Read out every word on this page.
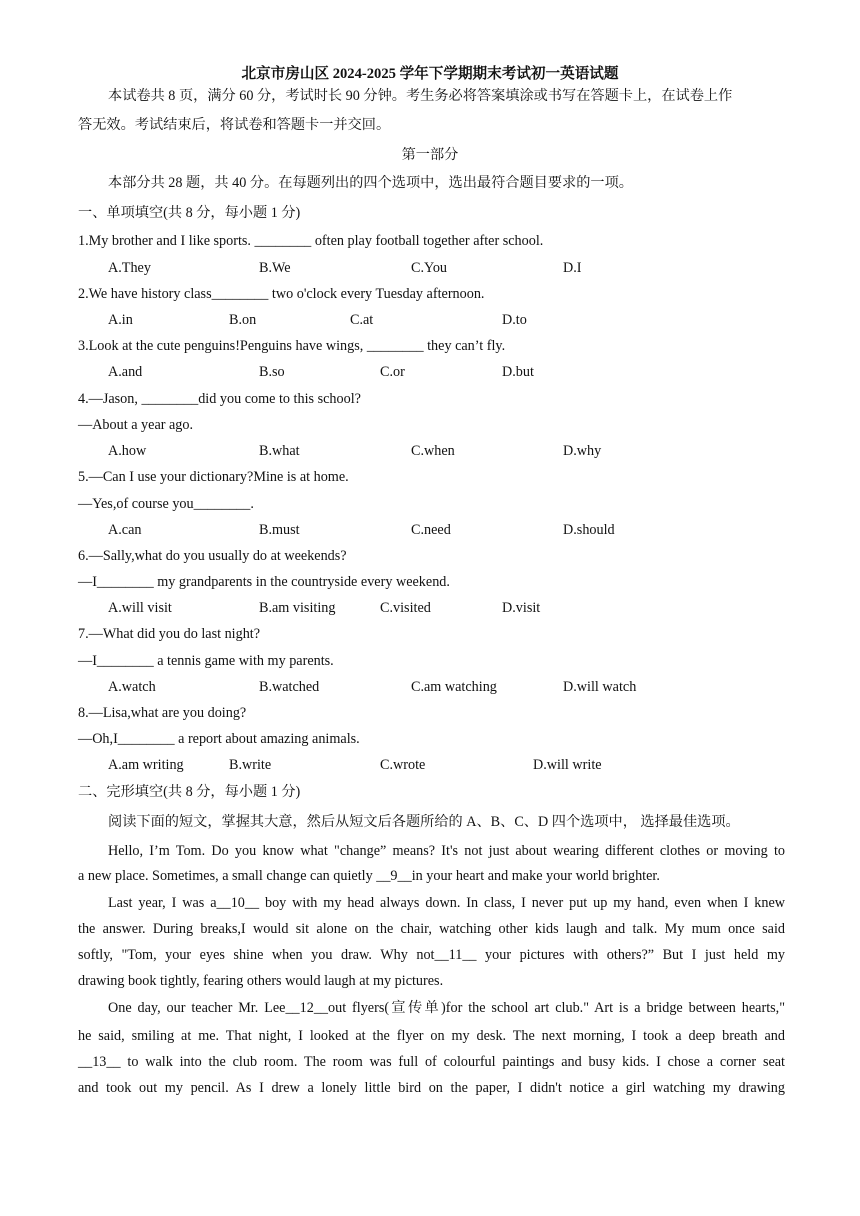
北京市房山区 2024-2025 学年下学期期末考试初一英语试题
本试卷共 8 页，满分 60 分，考试时长 90 分钟。考生务必将答案填涂或书写在答题卡上，在试卷上作
答无效。考试结束后，将试卷和答题卡一并交回。
第一部分
本部分共 28 题，共 40 分。在每题列出的四个选项中，选出最符合题目要求的一项。
一、单项填空(共 8 分，每小题 1 分)
1.My brother and I like sports. ________ often play football together after school.
A.They	B.We	C.You	D.I
2.We have history class________ two o'clock every Tuesday afternoon.
A.in	B.on	C.at	D.to
3.Look at the cute penguins!Penguins have wings, ________ they can’t fly.
A.and	B.so	C.or	D.but
4.—Jason, ________did you come to this school?
—About a year ago.
A.how	B.what	C.when	D.why
5.—Can I use your dictionary?Mine is at home.
—Yes,of course you________.
A.can	B.must	C.need	D.should
6.—Sally,what do you usually do at weekends?
—I________ my grandparents in the countryside every weekend.
A.will visit	B.am visiting	C.visited	D.visit
7.—What did you do last night?
—I________ a tennis game with my parents.
A.watch	B.watched	C.am watching	D.will watch
8.—Lisa,what are you doing?
—Oh,I________ a report about amazing animals.
A.am writing	B.write	C.wrote	D.will write
二、完形填空(共 8 分，每小题 1 分)
阅读下面的短文，掌握其大意，然后从短文后各题所给的 A、B、C、D 四个选项中， 选择最佳选项。
Hello, I’m Tom. Do you know what "change” means? It's not just about wearing different clothes or moving to
a new place. Sometimes, a small change can quietly __9__in your heart and make your world brighter.
Last year, I was a__10__ boy with my head always down. In class, I never put up my hand, even when I knew
the answer. During breaks,I would sit alone on the chair, watching other kids laugh and talk. My mum once said
softly, "Tom, your eyes shine when you draw. Why not__11__ your pictures with others?” But I just held my
drawing book tightly, fearing others would laugh at my pictures.
One day, our teacher Mr. Lee__12__out flyers(宣传单)for the school art club." Art is a bridge between hearts,"
he said, smiling at me. That night, I looked at the flyer on my desk. The next morning, I took a deep breath and
__13__ to walk into the club room. The room was full of colourful paintings and busy kids. I chose a corner seat
and took out my pencil. As I drew a lonely little bird on the paper, I didn't notice a girl watching my drawing
